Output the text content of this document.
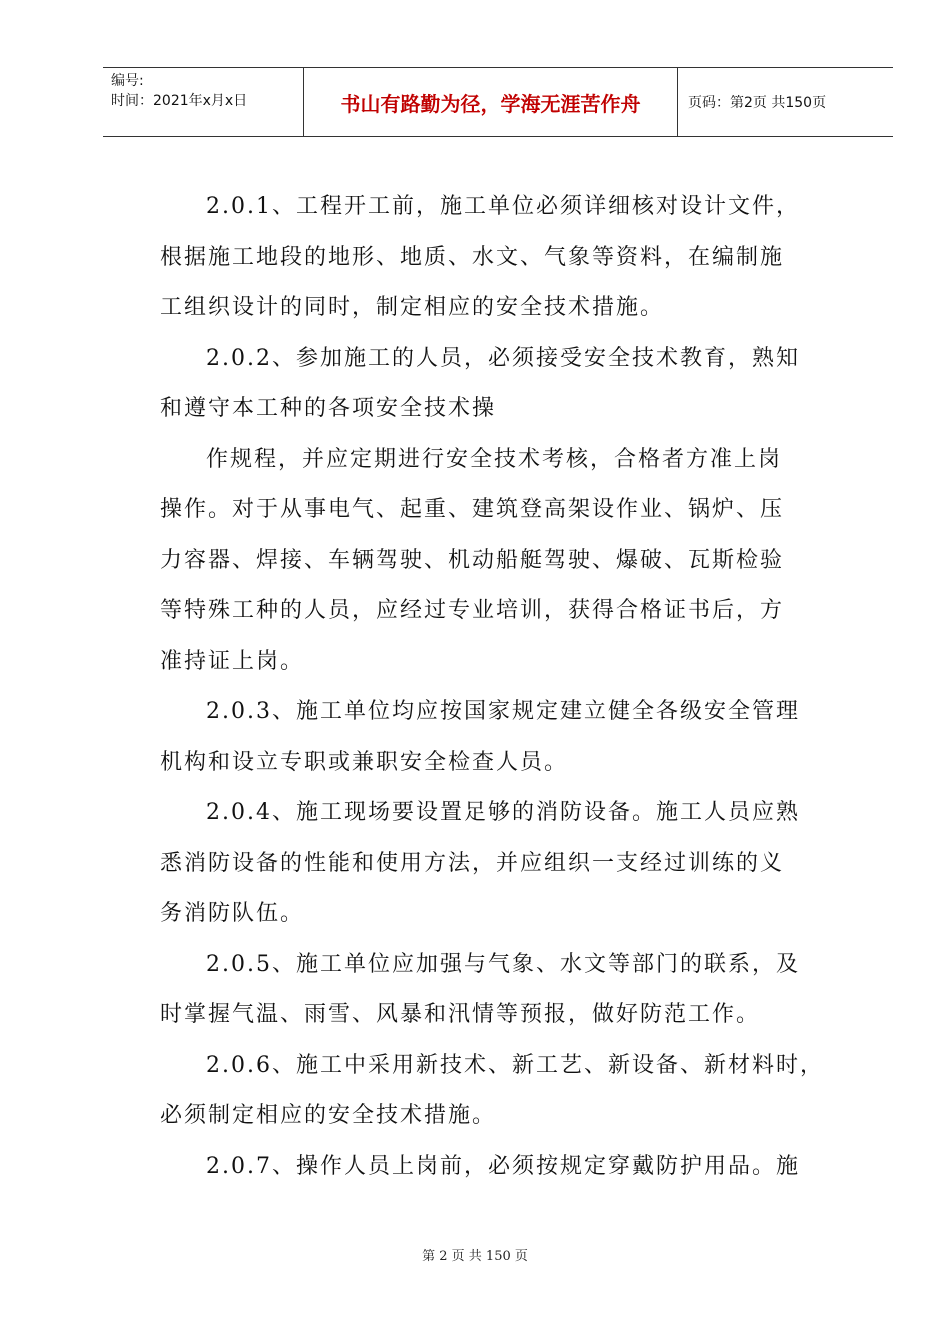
编号:
时间：2021年x月x日	书山有路勤为径，学海无涯苦作舟	页码：第2页 共150页

2.0.1、工程开工前，施工单位必须详细核对设计文件，
根据施工地段的地形、地质、水文、气象等资料，在编制施
工组织设计的同时，制定相应的安全技术措施。

2.0.2、参加施工的人员，必须接受安全技术教育，熟知
和遵守本工种的各项安全技术操

作规程，并应定期进行安全技术考核，合格者方准上岗
操作。对于从事电气、起重、建筑登高架设作业、锅炉、压
力容器、焊接、车辆驾驶、机动船艇驾驶、爆破、瓦斯检验
等特殊工种的人员，应经过专业培训，获得合格证书后，方
准持证上岗。

2.0.3、施工单位均应按国家规定建立健全各级安全管理
机构和设立专职或兼职安全检查人员。

2.0.4、施工现场要设置足够的消防设备。施工人员应熟
悉消防设备的性能和使用方法，并应组织一支经过训练的义
务消防队伍。

2.0.5、施工单位应加强与气象、水文等部门的联系，及
时掌握气温、雨雪、风暴和汛情等预报，做好防范工作。

2.0.6、施工中采用新技术、新工艺、新设备、新材料时，
必须制定相应的安全技术措施。

2.0.7、操作人员上岗前，必须按规定穿戴防护用品。施

第 2 页 共 150 页
